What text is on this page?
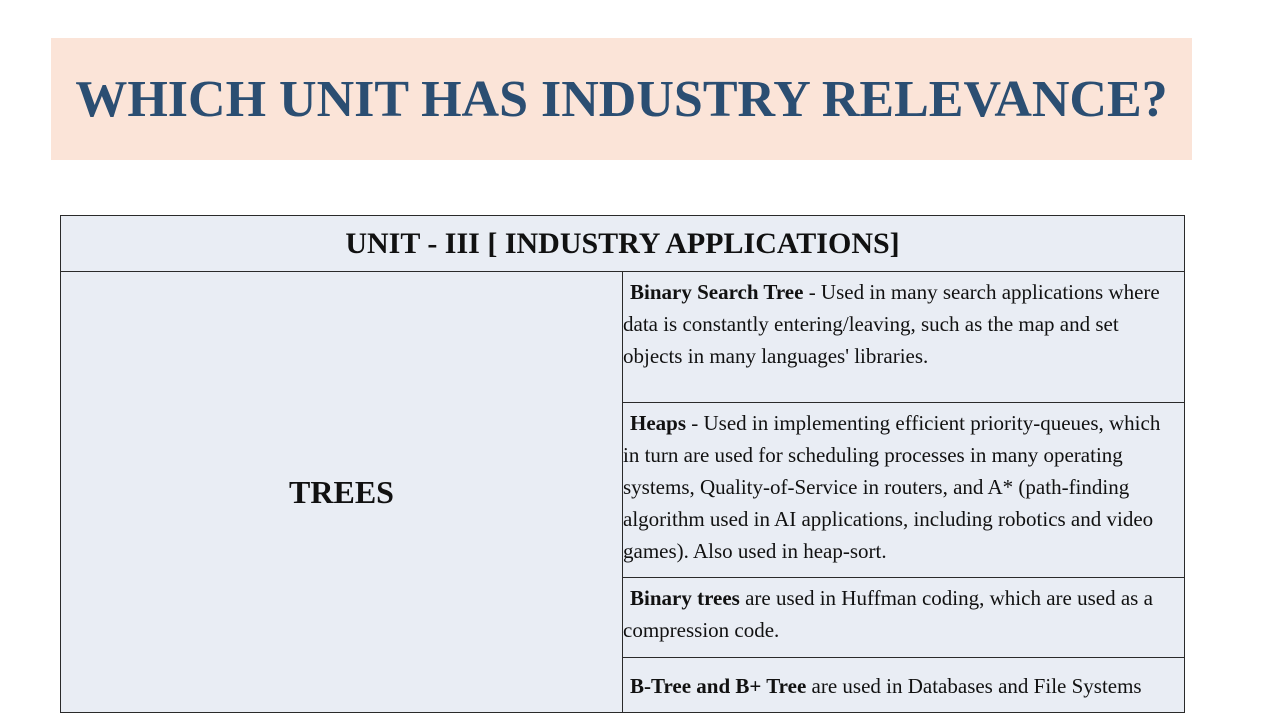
WHICH UNIT HAS INDUSTRY RELEVANCE?
UNIT - III [ INDUSTRY APPLICATIONS]
TREES	Binary Search Tree - Used in many search applications where data is constantly entering/leaving, such as the map and set objects in many languages' libraries.
Heaps - Used in implementing efficient priority-queues, which in turn are used for scheduling processes in many operating systems, Quality-of-Service in routers, and A* (path-finding algorithm used in AI applications, including robotics and video games). Also used in heap-sort.
Binary trees are used in Huffman coding, which are used as a compression code.
B-Tree and B+ Tree are used in Databases and File Systems
